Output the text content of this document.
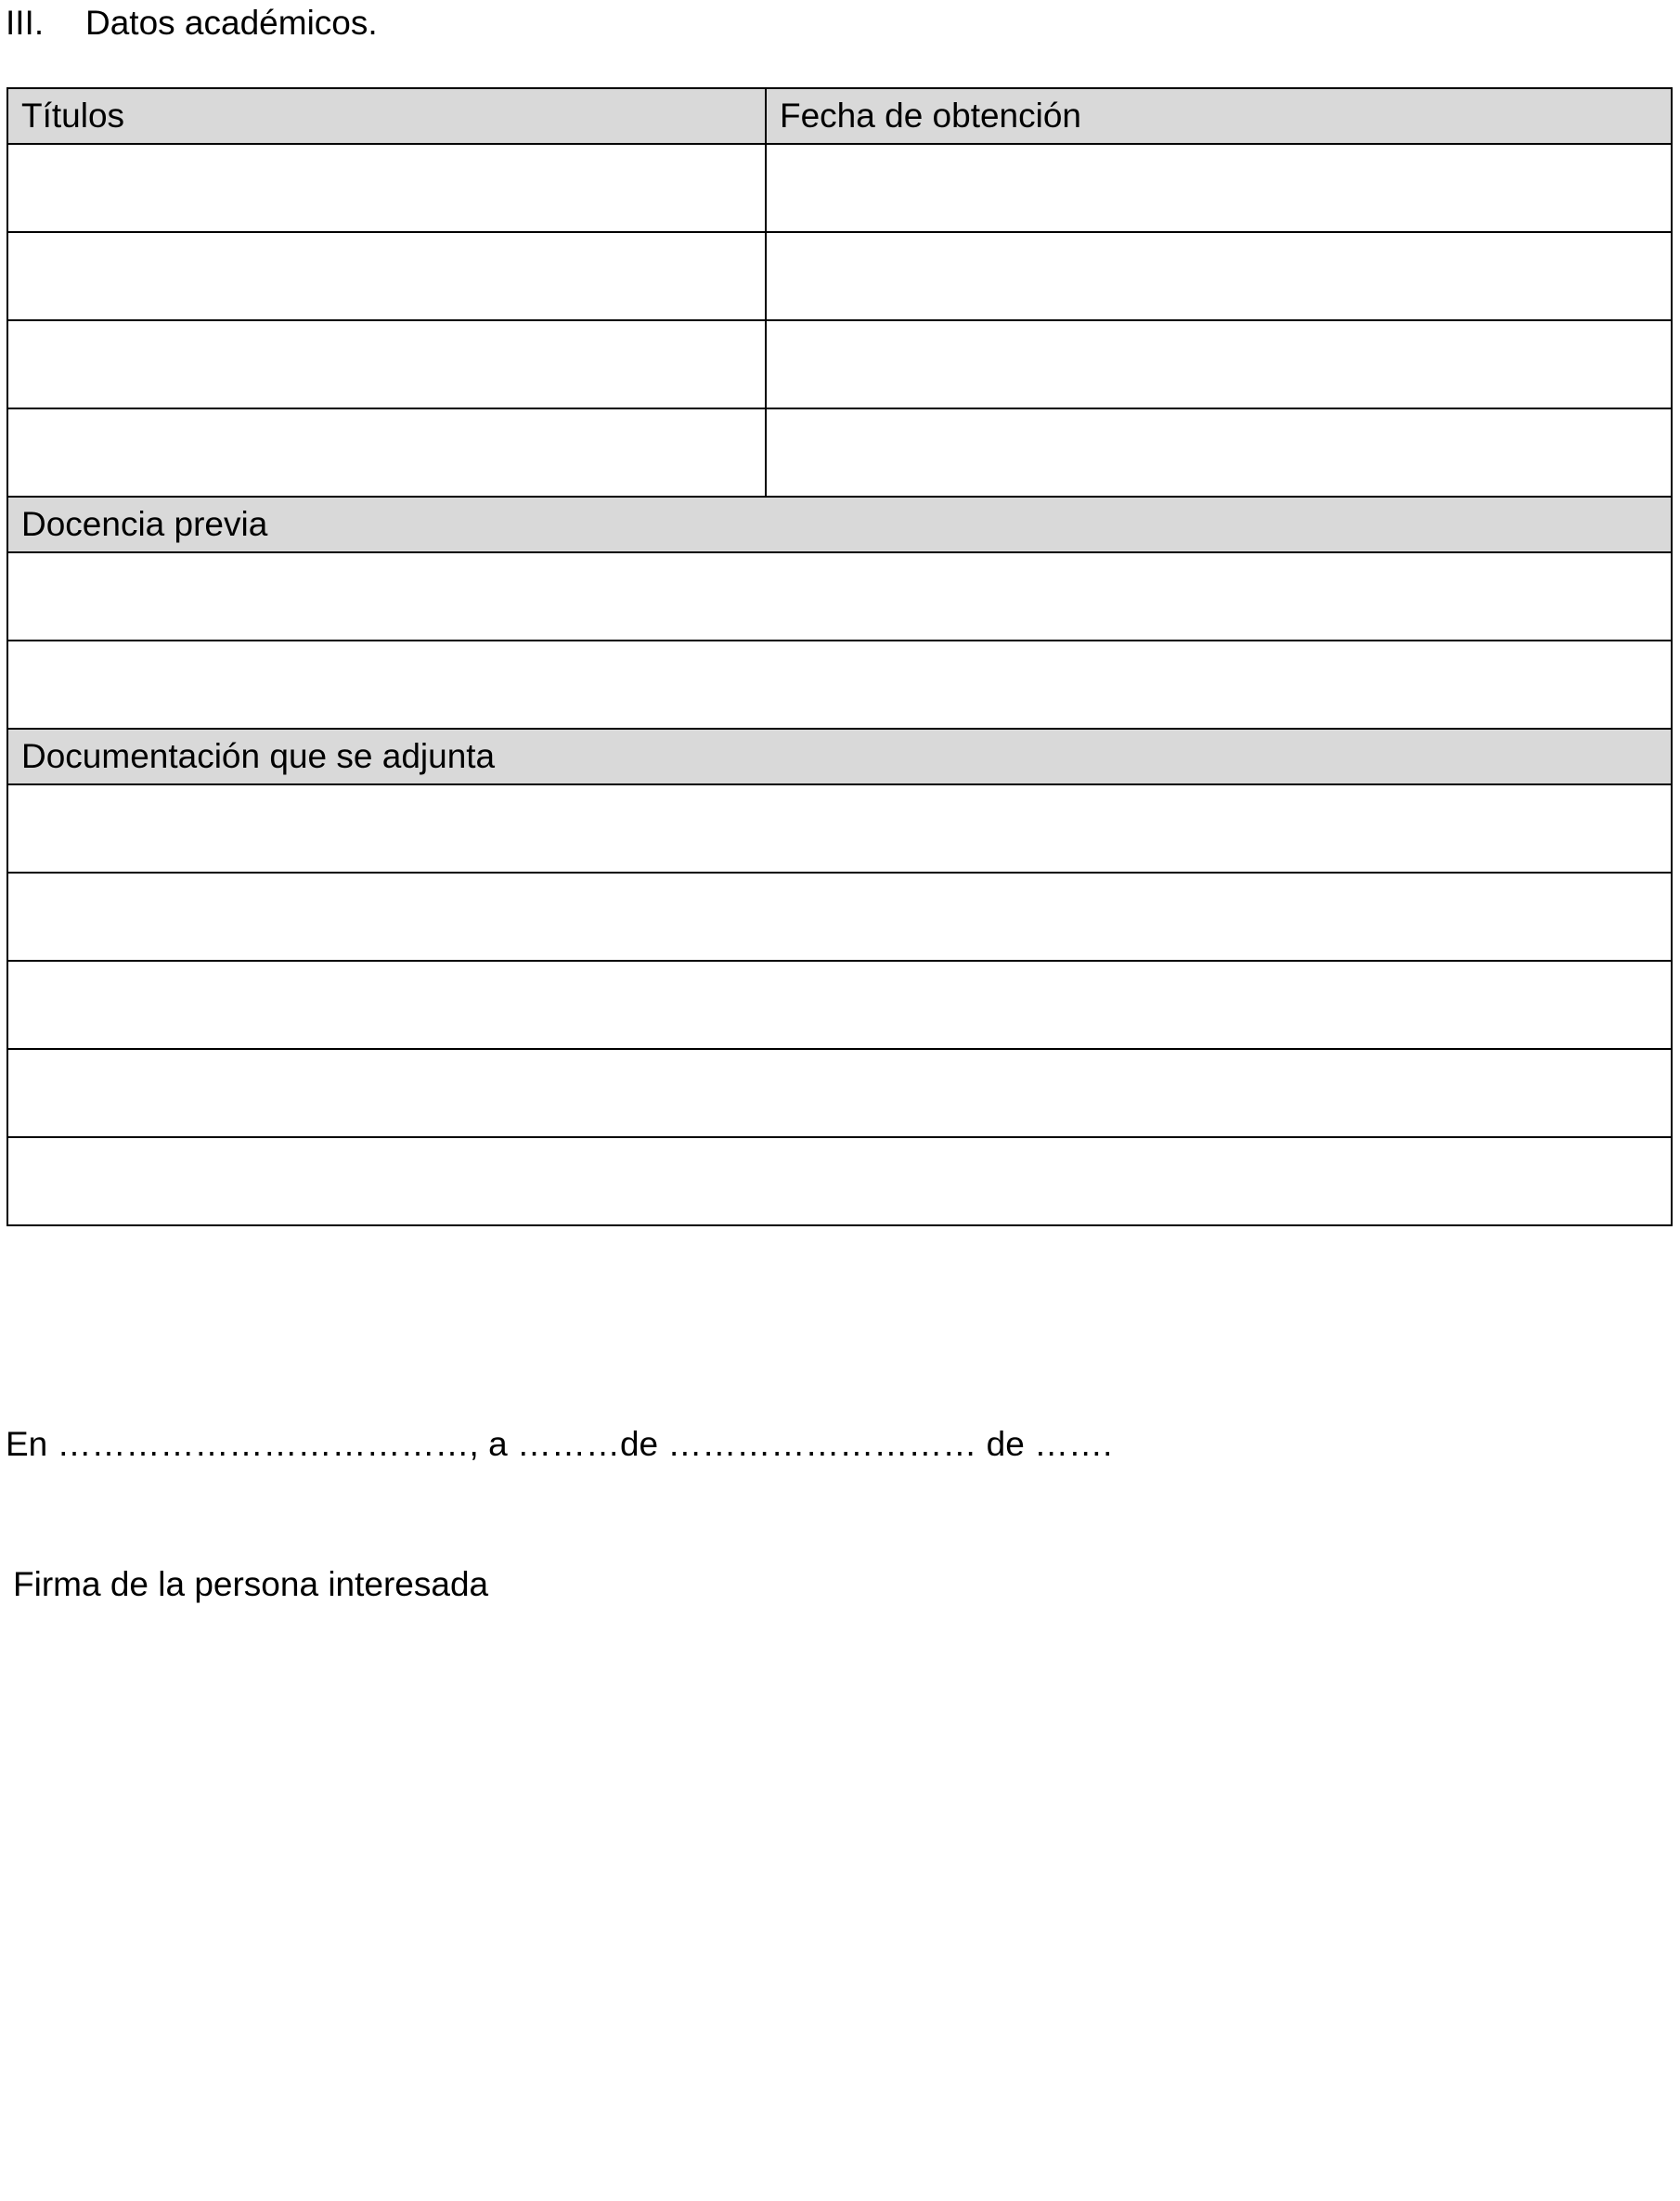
III. Datos académicos.
Títulos	Fecha de obtención

Docencia previa	

Documentación que se adjunta	

En ………………………………, a ………de ……………………… de …….
Firma de la persona interesada
